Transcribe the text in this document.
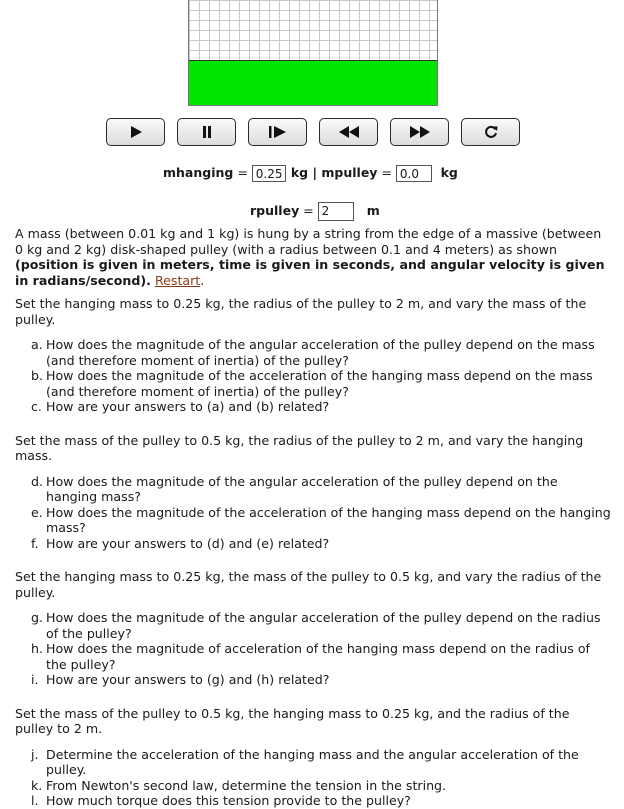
mhanging = 0.25 kg | mpulley = 0.0 kg
rpulley = 2	m

A mass (between 0.01 kg and 1 kg) is hung by a string from the edge of a massive (between 0 kg and 2 kg) disk-shaped pulley (with a radius between 0.1 and 4 meters) as shown (position is given in meters, time is given in seconds, and angular velocity is given in radians/second). Restart.

Set the hanging mass to 0.25 kg, the radius of the pulley to 2 m, and vary the mass of the pulley.

a. How does the magnitude of the angular acceleration of the pulley depend on the mass (and therefore moment of inertia) of the pulley?
b. How does the magnitude of the acceleration of the hanging mass depend on the mass (and therefore moment of inertia) of the pulley?
c. How are your answers to (a) and (b) related?

Set the mass of the pulley to 0.5 kg, the radius of the pulley to 2 m, and vary the hanging mass.

d. How does the magnitude of the angular acceleration of the pulley depend on the hanging mass?
e. How does the magnitude of the acceleration of the hanging mass depend on the hanging mass?
f. How are your answers to (d) and (e) related?

Set the hanging mass to 0.25 kg, the mass of the pulley to 0.5 kg, and vary the radius of the pulley.

g. How does the magnitude of the angular acceleration of the pulley depend on the radius of the pulley?
h. How does the magnitude of acceleration of the hanging mass depend on the radius of the pulley?
i. How are your answers to (g) and (h) related?

Set the mass of the pulley to 0.5 kg, the hanging mass to 0.25 kg, and the radius of the pulley to 2 m.

j. Determine the acceleration of the hanging mass and the angular acceleration of the pulley.
k. From Newton's second law, determine the tension in the string.
l. How much torque does this tension provide to the pulley?
